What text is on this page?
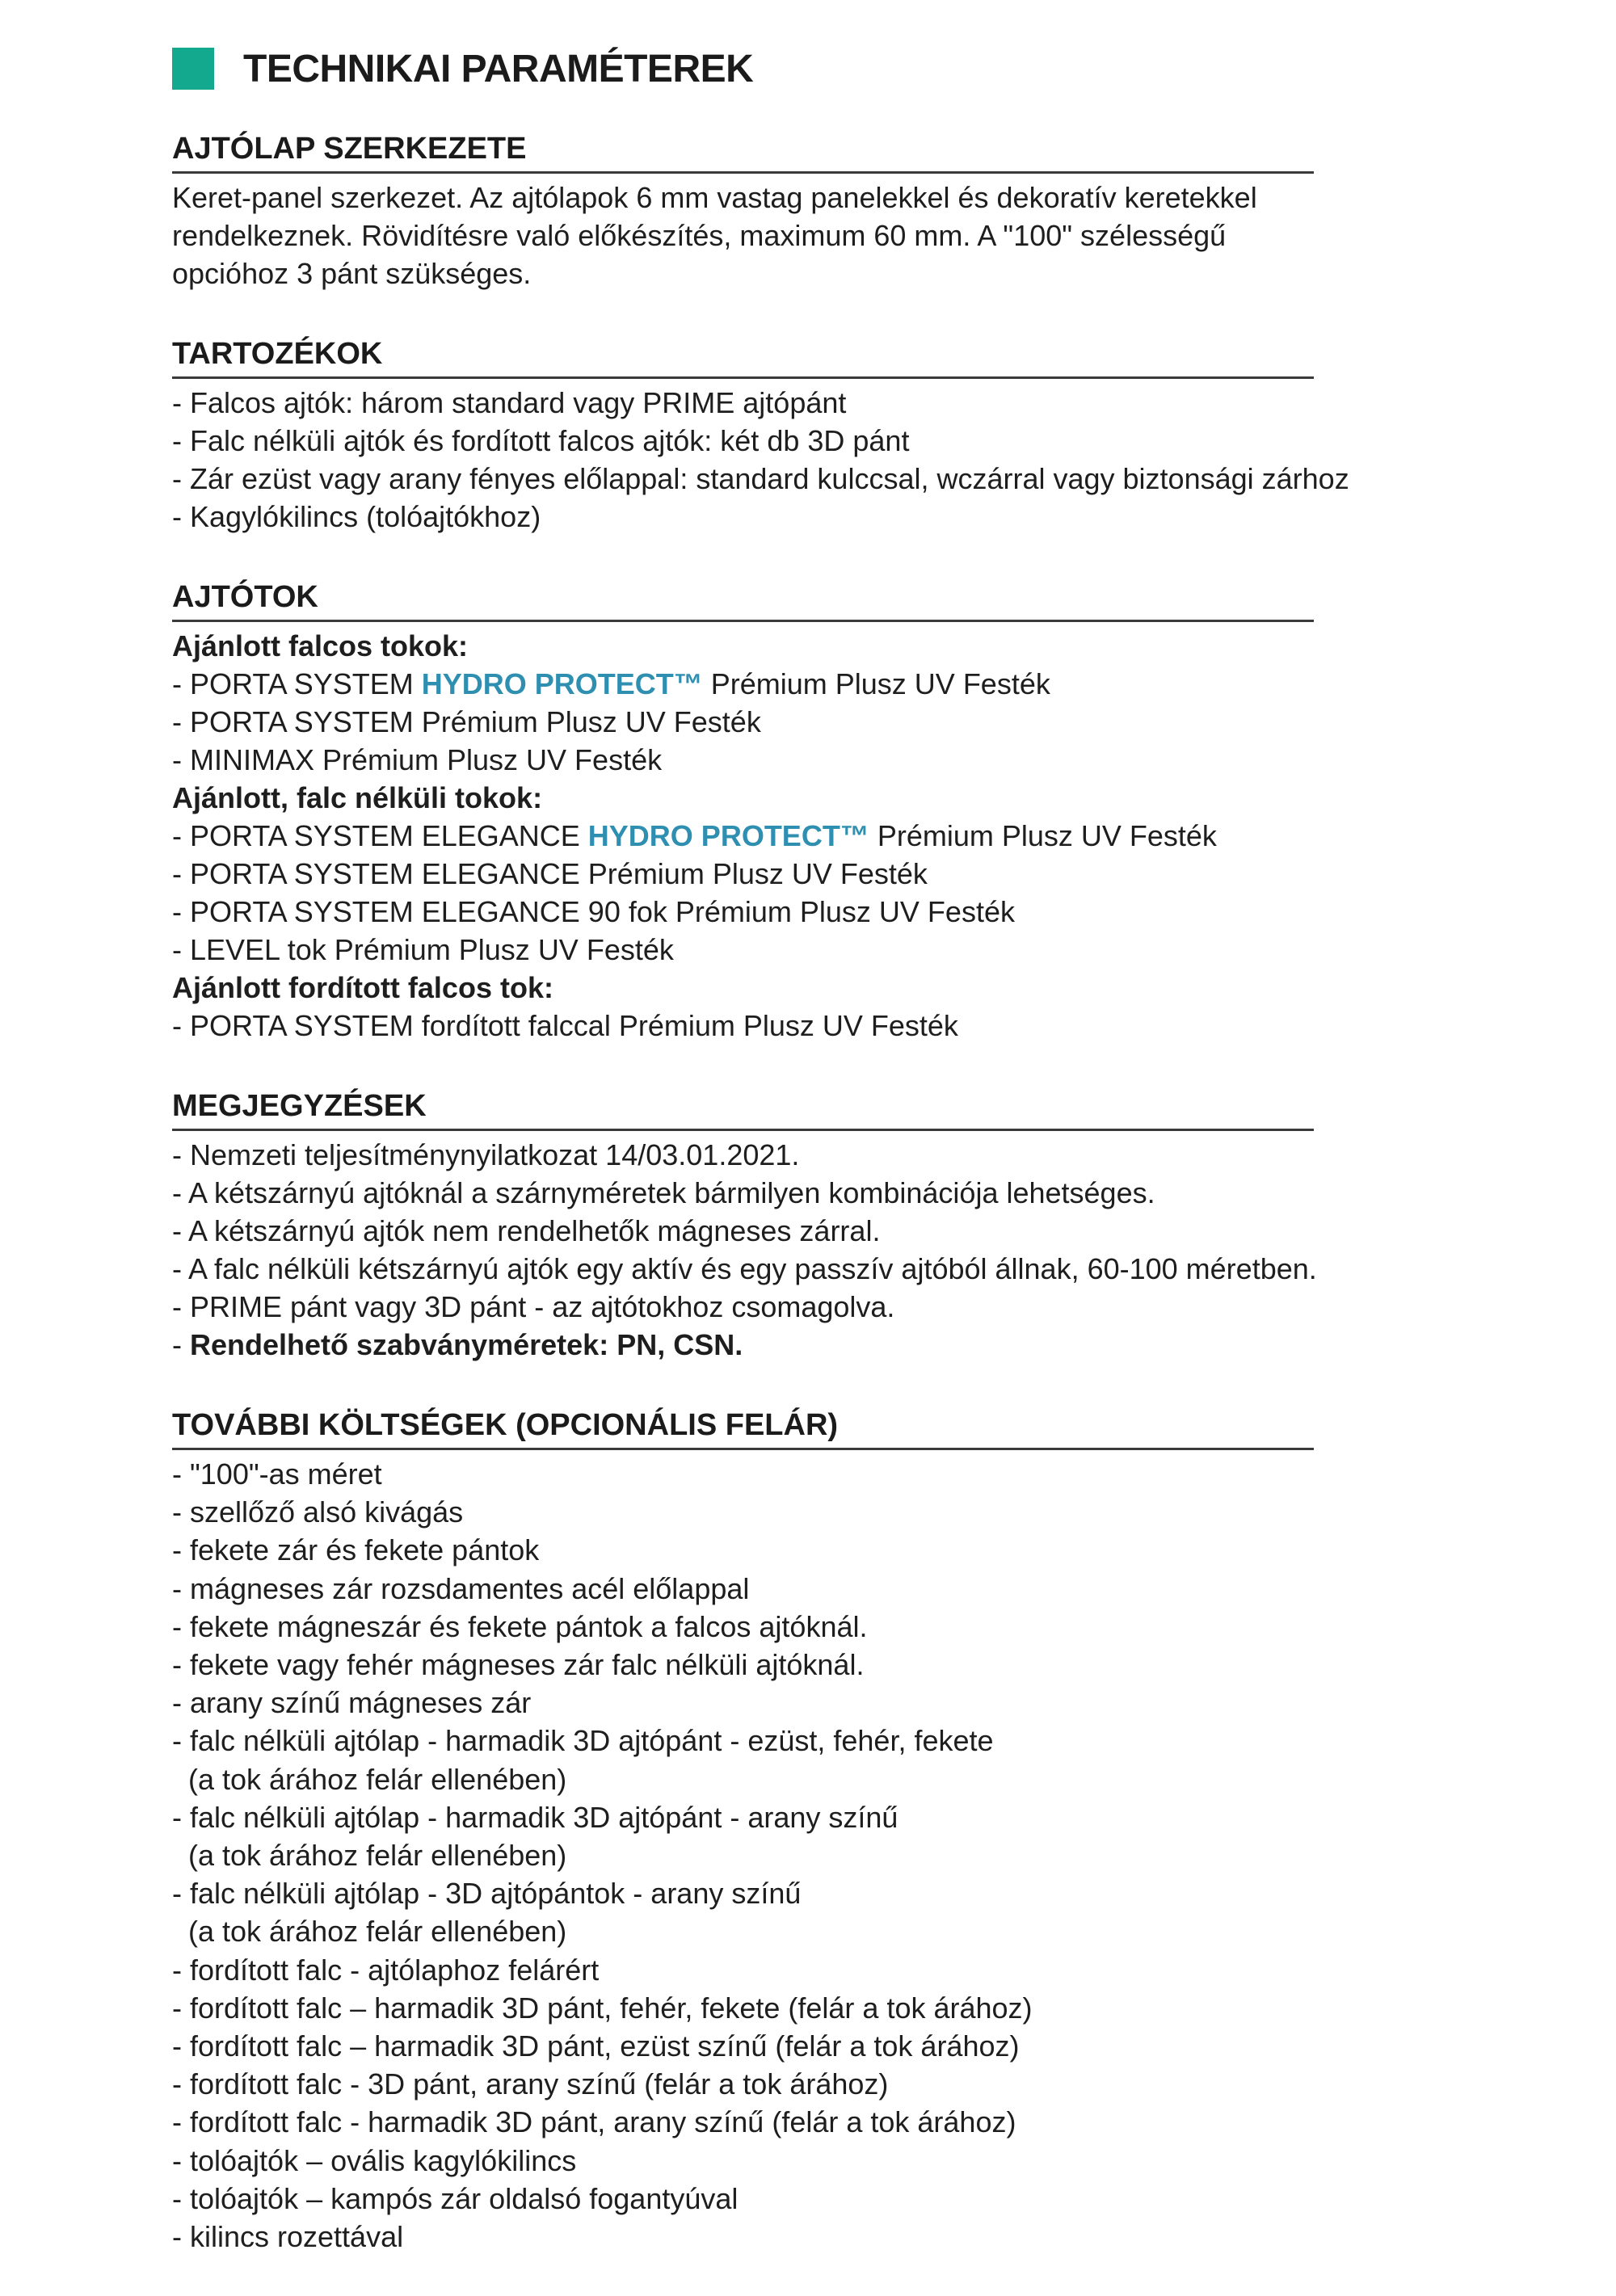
TECHNIKAI PARAMÉTEREK
AJTÓLAP SZERKEZETE
Keret-panel szerkezet. Az ajtólapok 6 mm vastag panelekkel és dekoratív keretekkel rendelkeznek. Rövidítésre való előkészítés, maximum 60 mm. A "100" szélességű opcióhoz 3 pánt szükséges.
TARTOZÉKOK
- Falcos ajtók: három standard vagy PRIME ajtópánt
- Falc nélküli ajtók és fordított falcos ajtók: két db 3D pánt
- Zár ezüst vagy arany fényes előlappal: standard kulccsal, wczárral vagy biztonsági zárhoz
- Kagylókilincs (tolóajtókhoz)
AJTÓTOK
Ajánlott falcos tokok:
- PORTA SYSTEM HYDRO PROTECT™ Prémium Plusz UV Festék
- PORTA SYSTEM Prémium Plusz UV Festék
- MINIMAX Prémium Plusz UV Festék
Ajánlott, falc nélküli tokok:
- PORTA SYSTEM ELEGANCE HYDRO PROTECT™ Prémium Plusz UV Festék
- PORTA SYSTEM ELEGANCE Prémium Plusz UV Festék
- PORTA SYSTEM ELEGANCE 90 fok Prémium Plusz UV Festék
- LEVEL tok Prémium Plusz UV Festék
Ajánlott fordított falcos tok:
- PORTA SYSTEM fordított falccal Prémium Plusz UV Festék
MEGJEGYZÉSEK
- Nemzeti teljesítménynyilatkozat 14/03.01.2021.
- A kétszárnyú ajtóknál a szárnyméretek bármilyen kombinációja lehetséges.
- A kétszárnyú ajtók nem rendelhetők mágneses zárral.
- A falc nélküli kétszárnyú ajtók egy aktív és egy passzív ajtóból állnak, 60-100 méretben.
- PRIME pánt vagy 3D pánt - az ajtótokhoz csomagolva.
- Rendelhető szabványméretek: PN, CSN.
TOVÁBBI KÖLTSÉGEK (OPCIONÁLIS FELÁR)
- "100"-as méret
- szellőző alsó kivágás
- fekete zár és fekete pántok
- mágneses zár rozsdamentes acél előlappal
- fekete mágneszár és fekete pántok a falcos ajtóknál.
- fekete vagy fehér mágneses zár falc nélküli ajtóknál.
- arany színű mágneses zár
- falc nélküli ajtólap - harmadik 3D ajtópánt - ezüst, fehér, fekete
(a tok árához felár ellenében)
- falc nélküli ajtólap - harmadik 3D ajtópánt - arany színű
(a tok árához felár ellenében)
- falc nélküli ajtólap - 3D ajtópántok - arany színű
(a tok árához felár ellenében)
- fordított falc - ajtólaphoz felárért
- fordított falc – harmadik 3D pánt, fehér, fekete (felár a tok árához)
- fordított falc – harmadik 3D pánt, ezüst színű (felár a tok árához)
- fordított falc - 3D pánt, arany színű (felár a tok árához)
- fordított falc - harmadik 3D pánt, arany színű (felár a tok árához)
- tolóajtók – ovális kagylókilincs
- tolóajtók – kampós zár oldalsó fogantyúval
- kilincs rozettával
